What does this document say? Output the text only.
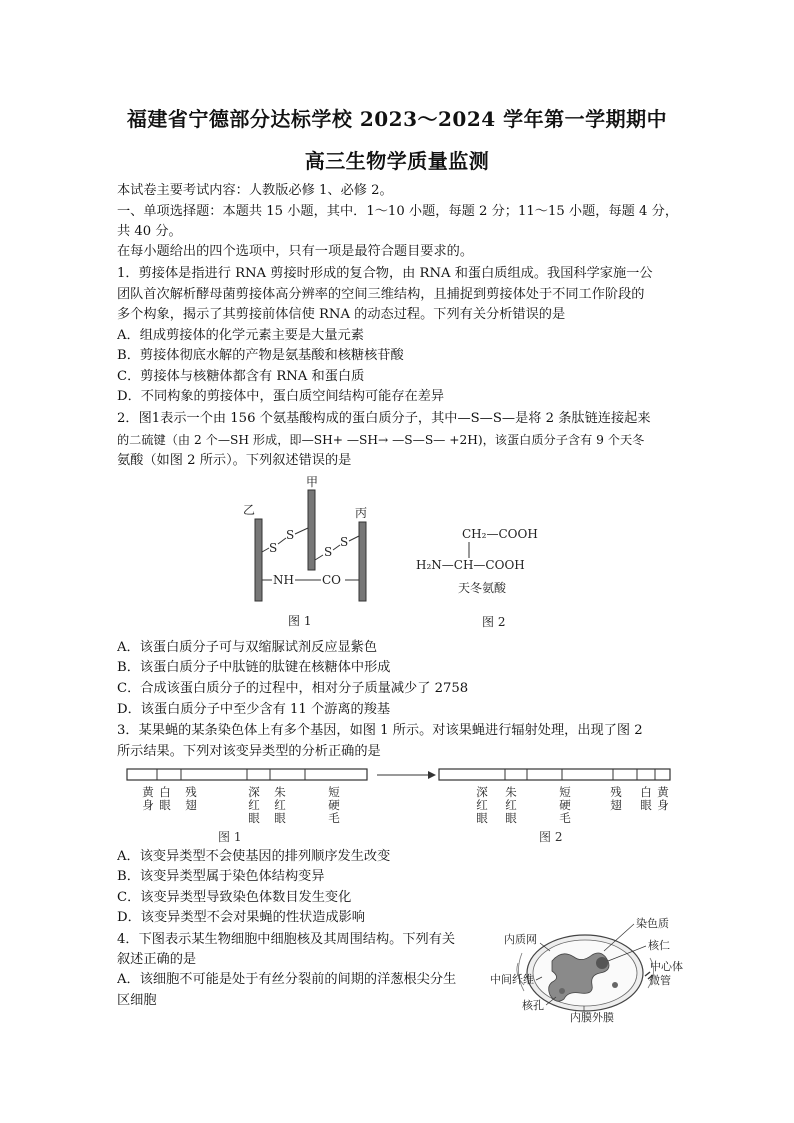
福建省宁德部分达标学校 2023～2024 学年第一学期期中
高三生物学质量监测
本试卷主要考试内容：人教版必修 1、必修 2。
一、单项选择题：本题共 15 小题，其中．1～10 小题，每题 2 分；11～15 小题，每题 4 分，
共 40 分。
在每小题给出的四个选项中，只有一项是最符合题目要求的。
1．剪接体是指进行 RNA 剪接时形成的复合物，由 RNA 和蛋白质组成。我国科学家施一公
团队首次解析酵母菌剪接体高分辨率的空间三维结构，且捕捉到剪接体处于不同工作阶段的
多个构象，揭示了其剪接前体信使 RNA 的动态过程。下列有关分析错误的是
A．组成剪接体的化学元素主要是大量元素
B．剪接体彻底水解的产物是氨基酸和核糖核苷酸
C．剪接体与核糖体都含有 RNA 和蛋白质
D．不同构象的剪接体中，蛋白质空间结构可能存在差异
2．图1表示一个由 156 个氨基酸构成的蛋白质分子，其中—S—S—是将 2 条肽链连接起来
的二硫键（由 2 个—SH 形成，即—SH+ —SH→ —S—S— +2H)，该蛋白质分子含有 9 个天冬
氨酸（如图 2 所示）。下列叙述错误的是
甲
乙	丙
S
S
S
S
NH CO
图 1
CH₂—COOH
H₂N—CH—COOH
天冬氨酸
图 2
A．该蛋白质分子可与双缩脲试剂反应显紫色
B．该蛋白质分子中肽链的肽键在核糖体中形成
C．合成该蛋白质分子的过程中，相对分子质量减少了 2758
D．该蛋白质分子中至少含有 11 个游离的羧基
3．某果蝇的某条染色体上有多个基因，如图 1 所示。对该果蝇进行辐射处理，出现了图 2
所示结果。下列对该变异类型的分析正确的是
黄
身
白
眼
残
翅
深
红
眼
朱
红
眼
短
硬
毛
图 1
深
红
眼
朱
红
眼
短
硬
毛
残
翅
白
眼
黄
身
图 2
A．该变异类型不会使基因的排列顺序发生改变
B．该变异类型属于染色体结构变异
C．该变异类型导致染色体数目发生变化
D．该变异类型不会对果蝇的性状造成影响
4．下图表示某生物细胞中细胞核及其周围结构。下列有关
叙述正确的是
A．该细胞不可能是处于有丝分裂前的间期的洋葱根尖分生
区细胞
染色质
内质网	核仁
中心体
微管
中间纤维
核孔
内膜外膜
